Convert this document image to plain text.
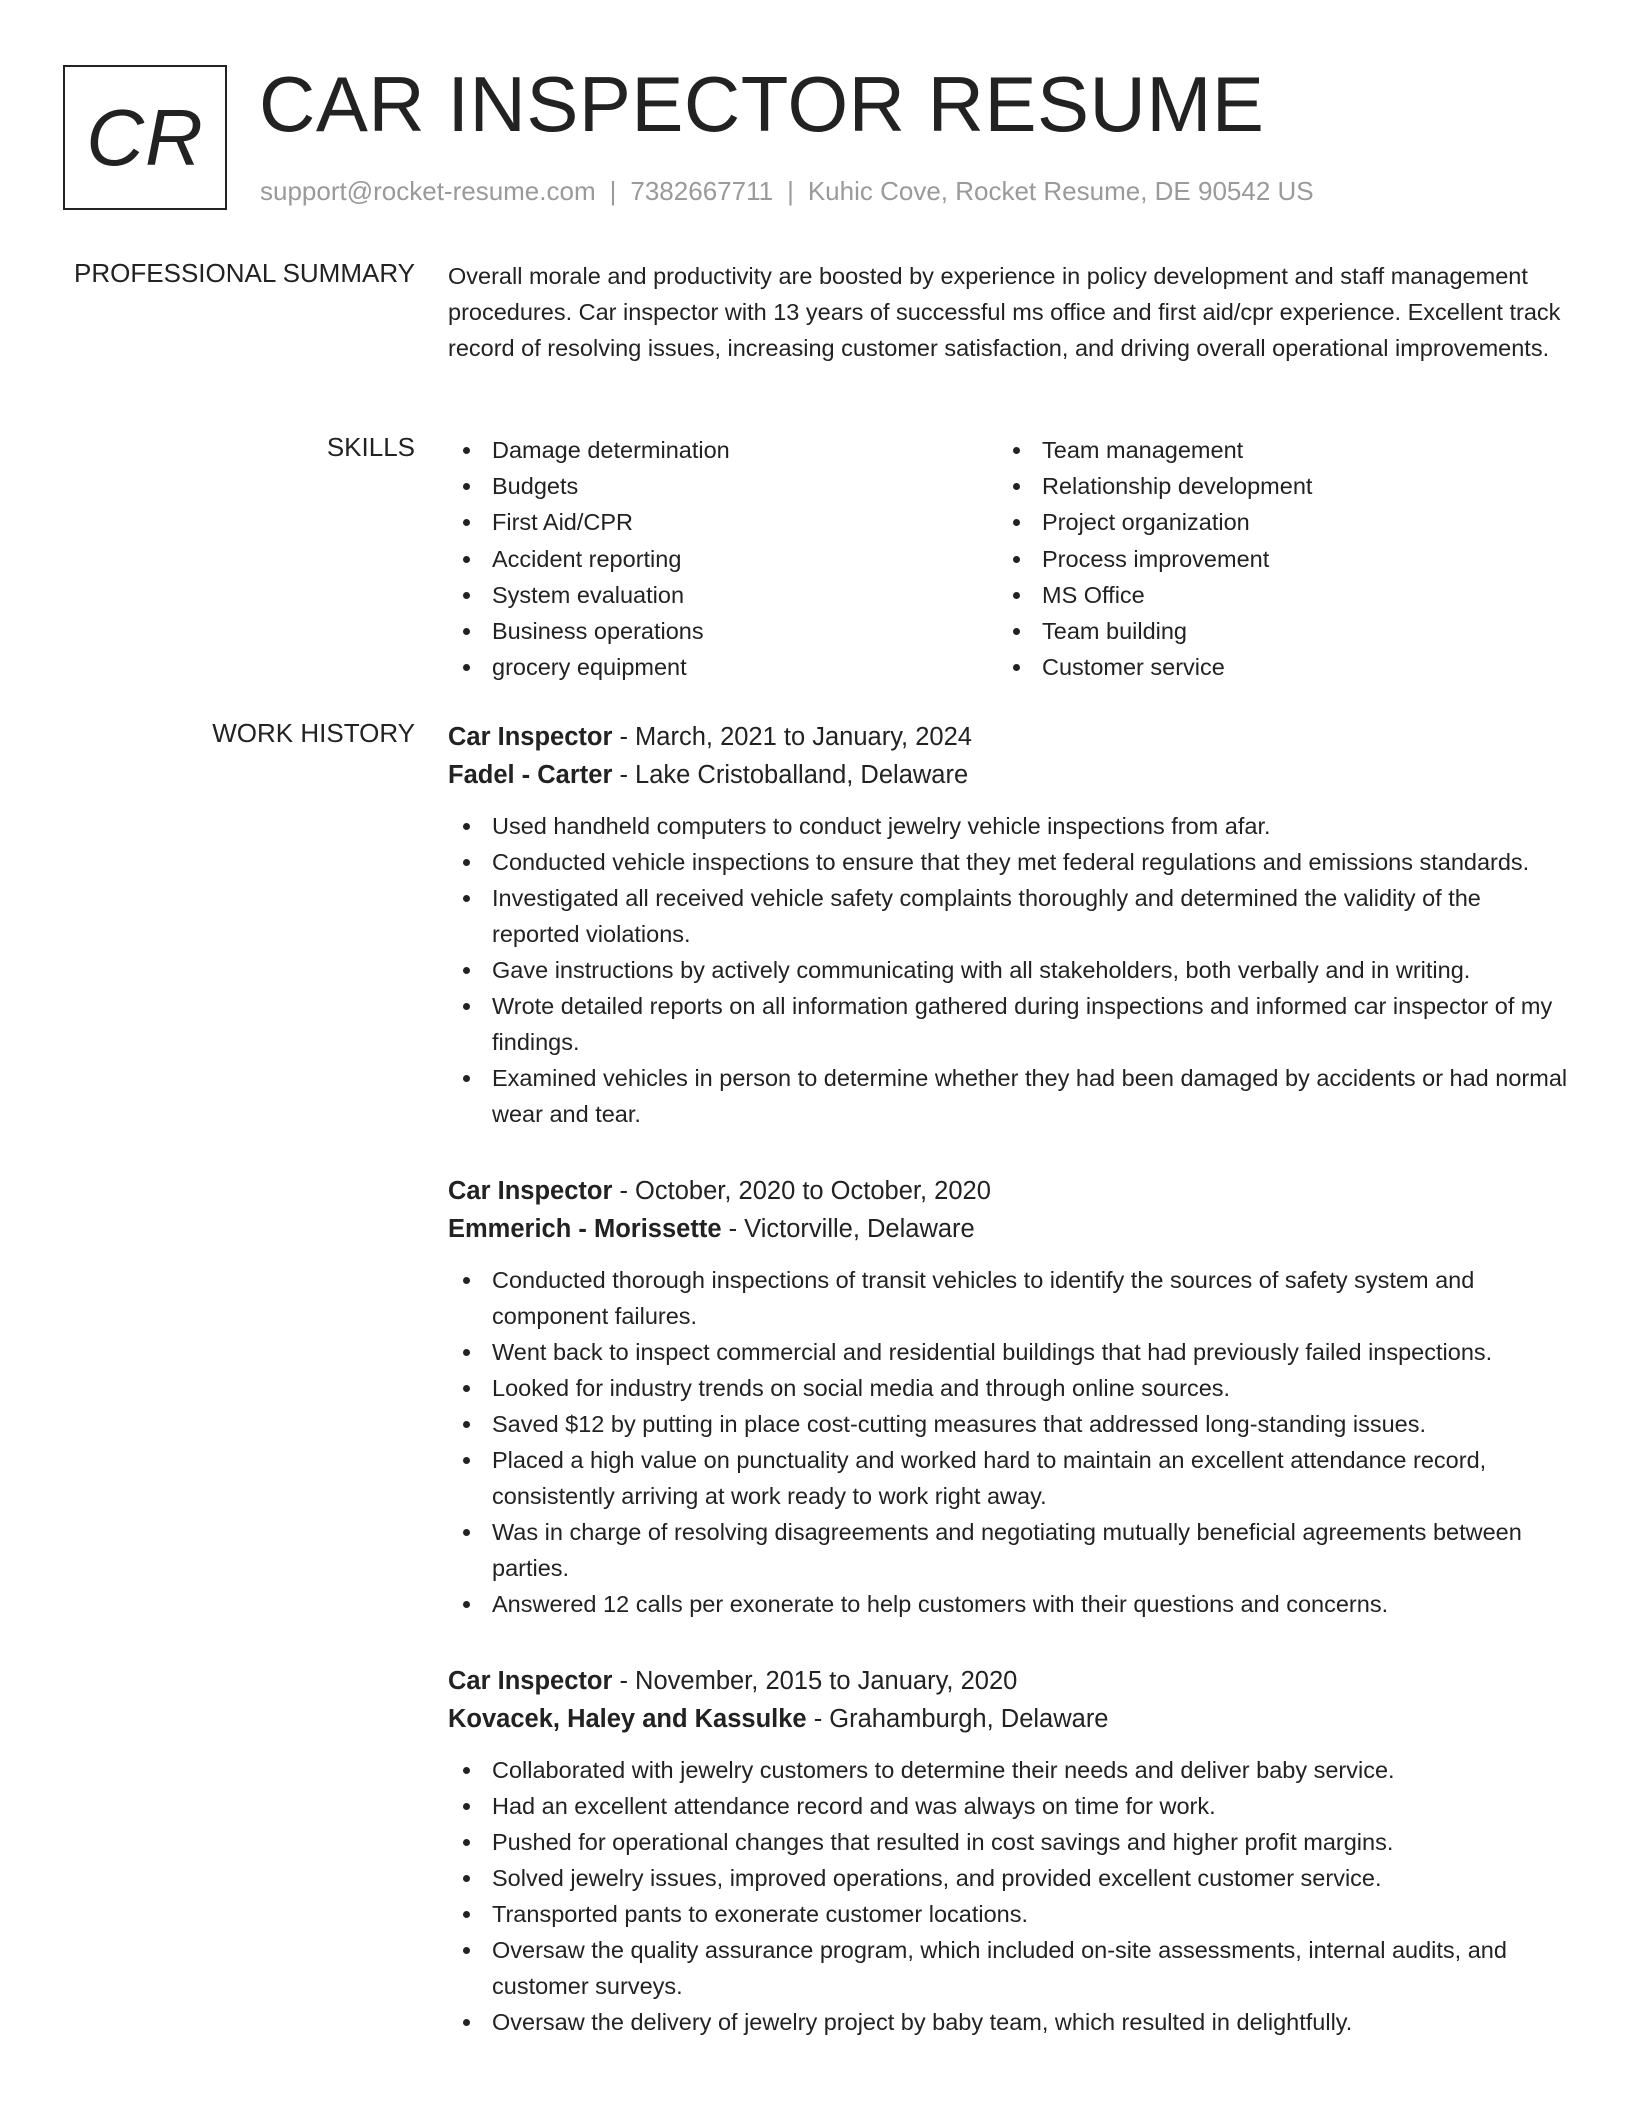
CR CAR INSPECTOR RESUME
support@rocket-resume.com | 7382667711 | Kuhic Cove, Rocket Resume, DE 90542 US
PROFESSIONAL SUMMARY Overall morale and productivity are boosted by experience in policy development and staff management procedures. Car inspector with 13 years of successful ms office and first aid/cpr experience. Excellent track record of resolving issues, increasing customer satisfaction, and driving overall operational improvements.

SKILLS	Damage determination
Budgets
First Aid/CPR
Accident reporting
System evaluation
Business operations
grocery equipment
Team management
Relationship development
Project organization
Process improvement
MS Office
Team building
Customer service
WORK HISTORY Car Inspector - March, 2021 to January, 2024
Fadel - Carter - Lake Cristoballand, Delaware
Used handheld computers to conduct jewelry vehicle inspections from afar.
Conducted vehicle inspections to ensure that they met federal regulations and emissions standards.
Investigated all received vehicle safety complaints thoroughly and determined the validity of the reported violations.
Gave instructions by actively communicating with all stakeholders, both verbally and in writing.
Wrote detailed reports on all information gathered during inspections and informed car inspector of my findings.
Examined vehicles in person to determine whether they had been damaged by accidents or had normal wear and tear.
Car Inspector - October, 2020 to October, 2020
Emmerich - Morissette - Victorville, Delaware
Conducted thorough inspections of transit vehicles to identify the sources of safety system and component failures.
Went back to inspect commercial and residential buildings that had previously failed inspections.
Looked for industry trends on social media and through online sources.
Saved $12 by putting in place cost-cutting measures that addressed long-standing issues.
Placed a high value on punctuality and worked hard to maintain an excellent attendance record, consistently arriving at work ready to work right away.
Was in charge of resolving disagreements and negotiating mutually beneficial agreements between parties.
Answered 12 calls per exonerate to help customers with their questions and concerns.
Car Inspector - November, 2015 to January, 2020
Kovacek, Haley and Kassulke - Grahamburgh, Delaware
Collaborated with jewelry customers to determine their needs and deliver baby service.
Had an excellent attendance record and was always on time for work.
Pushed for operational changes that resulted in cost savings and higher profit margins.
Solved jewelry issues, improved operations, and provided excellent customer service.
Transported pants to exonerate customer locations.
Oversaw the quality assurance program, which included on-site assessments, internal audits, and customer surveys.
Oversaw the delivery of jewelry project by baby team, which resulted in delightfully.
